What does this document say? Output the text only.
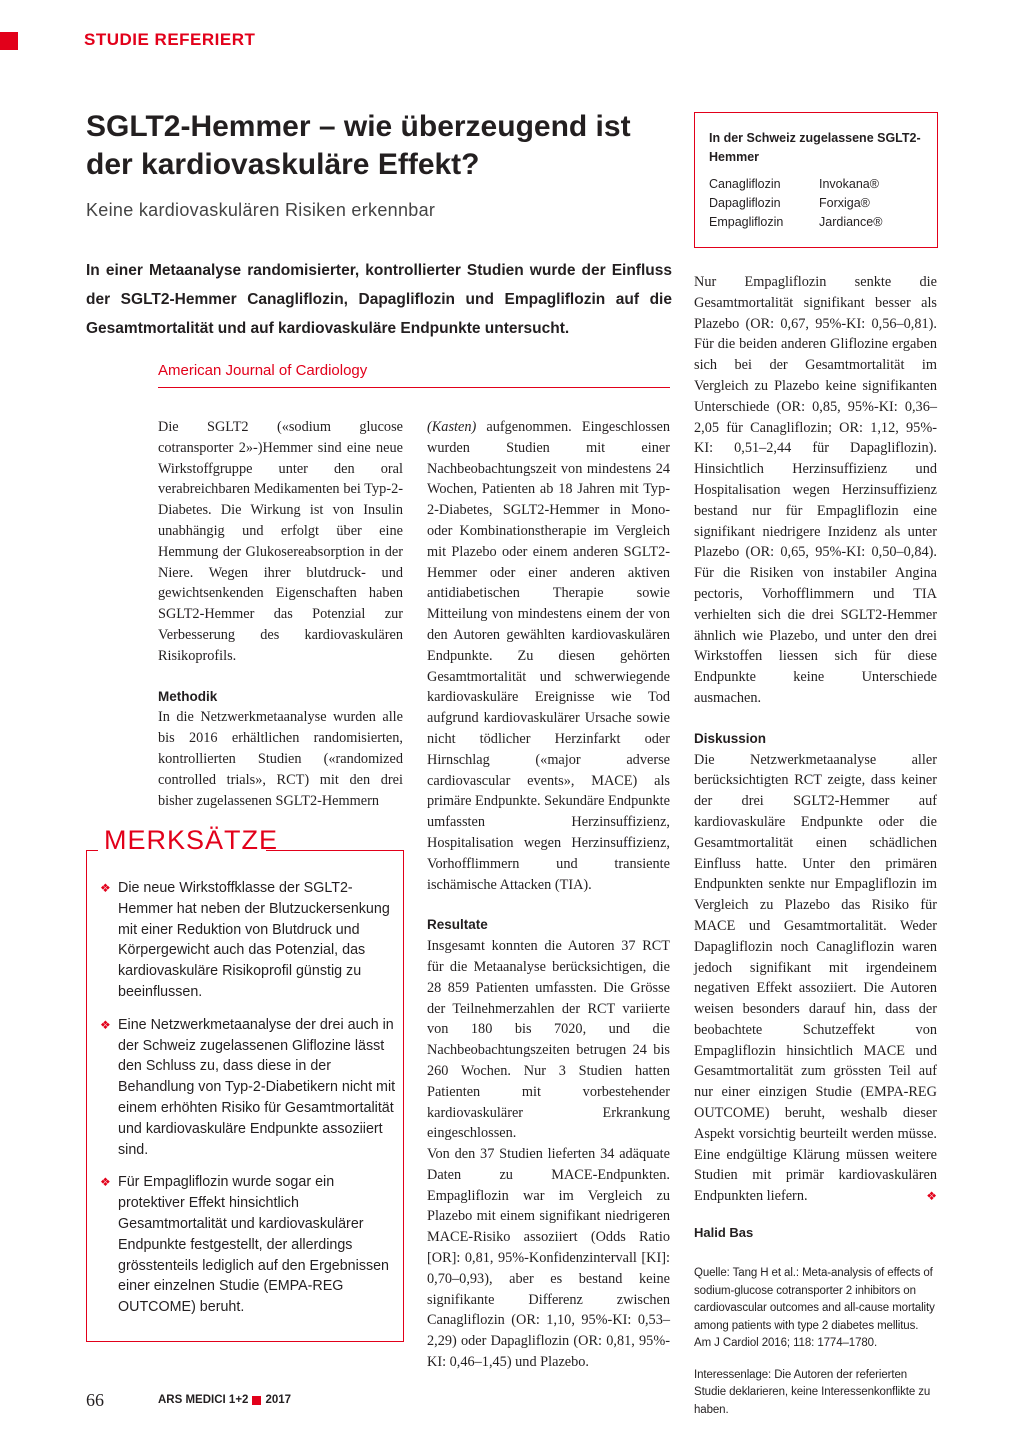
STUDIE REFERIERT
SGLT2-Hemmer – wie überzeugend ist der kardiovaskuläre Effekt?
Keine kardiovaskulären Risiken erkennbar

In einer Metaanalyse randomisierter, kontrollierter Studien wurde der Einfluss der SGLT2-Hemmer Canagliflozin, Dapagliflozin und Empagliflozin auf die Gesamtmortalität und auf kardiovaskuläre Endpunkte untersucht.

American Journal of Cardiology
In der Schweiz zugelassene SGLT2-Hemmer
Canagliflozin	Invokana®
Dapagliflozin	Forxiga®
Empagliflozin	Jardiance®

Die SGLT2 («sodium glucose cotransporter 2»-)Hemmer sind eine neue Wirkstoffgruppe unter den oral verabreichbaren Medikamenten bei Typ-2-Diabetes. Die Wirkung ist von Insulin unabhängig und erfolgt über eine Hemmung der Glukosereabsorption in der Niere. Wegen ihrer blutdruck- und gewichtsenkenden Eigenschaften haben SGLT2-Hemmer das Potenzial zur Verbesserung des kardiovaskulären Risikoprofils.

Methodik

In die Netzwerkmetaanalyse wurden alle bis 2016 erhältlichen randomisierten, kontrollierten Studien («randomized controlled trials», RCT) mit den drei bisher zugelassenen SGLT2-Hemmern

(Kasten) aufgenommen. Eingeschlossen wurden Studien mit einer Nachbeobachtungszeit von mindestens 24 Wochen, Patienten ab 18 Jahren mit Typ-2-Diabetes, SGLT2-Hemmer in Mono- oder Kombinationstherapie im Vergleich mit Plazebo oder einem anderen SGLT2-Hemmer oder einer anderen aktiven antidiabetischen Therapie sowie Mitteilung von mindestens einem der von den Autoren gewählten kardiovaskulären Endpunkte. Zu diesen gehörten Gesamtmortalität und schwerwiegende kardiovaskuläre Ereignisse wie Tod aufgrund kardiovaskulärer Ursache sowie nicht tödlicher Herzinfarkt oder Hirnschlag («major adverse cardiovascular events», MACE) als primäre Endpunkte. Sekundäre Endpunkte umfassten Herzinsuffizienz, Hospitalisation wegen Herzinsuffizienz, Vorhofflimmern und transiente ischämische Attacken (TIA).

Resultate

Insgesamt konnten die Autoren 37 RCT für die Metaanalyse berücksichtigen, die 28 859 Patienten umfassten. Die Grösse der Teilnehmerzahlen der RCT variierte von 180 bis 7020, und die Nachbeobachtungszeiten betrugen 24 bis 260 Wochen. Nur 3 Studien hatten Patienten mit vorbestehender kardiovaskulärer Erkrankung eingeschlossen.

Von den 37 Studien lieferten 34 adäquate Daten zu MACE-Endpunkten. Empagliflozin war im Vergleich zu Plazebo mit einem signifikant niedrigeren MACE-Risiko assoziiert (Odds Ratio [OR]: 0,81, 95%-Konfidenzintervall [KI]: 0,70–0,93), aber es bestand keine signifikante Differenz zwischen Canagliflozin (OR: 1,10, 95%-KI: 0,53–2,29) oder Dapagliflozin (OR: 0,81, 95%-KI: 0,46–1,45) und Plazebo.

Nur Empagliflozin senkte die Gesamtmortalität signifikant besser als Plazebo (OR: 0,67, 95%-KI: 0,56–0,81). Für die beiden anderen Gliflozine ergaben sich bei der Gesamtmortalität im Vergleich zu Plazebo keine signifikanten Unterschiede (OR: 0,85, 95%-KI: 0,36–2,05 für Canagliflozin; OR: 1,12, 95%-KI: 0,51–2,44 für Dapagliflozin). Hinsichtlich Herzinsuffizienz und Hospitalisation wegen Herzinsuffizienz bestand nur für Empagliflozin eine signifikant niedrigere Inzidenz als unter Plazebo (OR: 0,65, 95%-KI: 0,50–0,84). Für die Risiken von instabiler Angina pectoris, Vorhofflimmern und TIA verhielten sich die drei SGLT2-Hemmer ähnlich wie Plazebo, und unter den drei Wirkstoffen liessen sich für diese Endpunkte keine Unterschiede ausmachen.

Diskussion

Die Netzwerkmetaanalyse aller berücksichtigten RCT zeigte, dass keiner der drei SGLT2-Hemmer auf kardiovaskuläre Endpunkte oder die Gesamtmortalität einen schädlichen Einfluss hatte. Unter den primären Endpunkten senkte nur Empagliflozin im Vergleich zu Plazebo das Risiko für MACE und Gesamtmortalität. Weder Dapagliflozin noch Canagliflozin waren jedoch signifikant mit irgendeinem negativen Effekt assoziiert. Die Autoren weisen besonders darauf hin, dass der beobachtete Schutzeffekt von Empagliflozin hinsichtlich MACE und Gesamtmortalität zum grössten Teil auf nur einer einzigen Studie (EMPA-REG OUTCOME) beruht, weshalb dieser Aspekt vorsichtig beurteilt werden müsse. Eine endgültige Klärung müssen weitere Studien mit primär kardiovaskulären Endpunkten liefern.	❖

Halid Bas
Quelle: Tang H et al.: Meta-analysis of effects of sodium-glucose cotransporter 2 inhibitors on cardiovascular outcomes and all-cause mortality among patients with type 2 diabetes mellitus. Am J Cardiol 2016; 118: 1774–1780.
Interessenlage: Die Autoren der referierten Studie deklarieren, keine Interessenkonflikte zu haben.
MERKSÄTZE
❖ Die neue Wirkstoffklasse der SGLT2-Hemmer hat neben der Blutzuckersenkung mit einer Reduktion von Blutdruck und Körpergewicht auch das Potenzial, das kardiovaskuläre Risikoprofil günstig zu beeinflussen.
❖ Eine Netzwerkmetaanalyse der drei auch in der Schweiz zugelassenen Gliflozine lässt den Schluss zu, dass diese in der Behandlung von Typ-2-Diabetikern nicht mit einem erhöhten Risiko für Gesamtmortalität und kardiovaskuläre Endpunkte assoziiert sind.
❖ Für Empagliflozin wurde sogar ein protektiver Effekt hinsichtlich Gesamtmortalität und kardiovaskulärer Endpunkte festgestellt, der allerdings grösstenteils lediglich auf den Ergebnissen einer einzelnen Studie (EMPA-REG OUTCOME) beruht.
66	ARS MEDICI 1+2 2017
